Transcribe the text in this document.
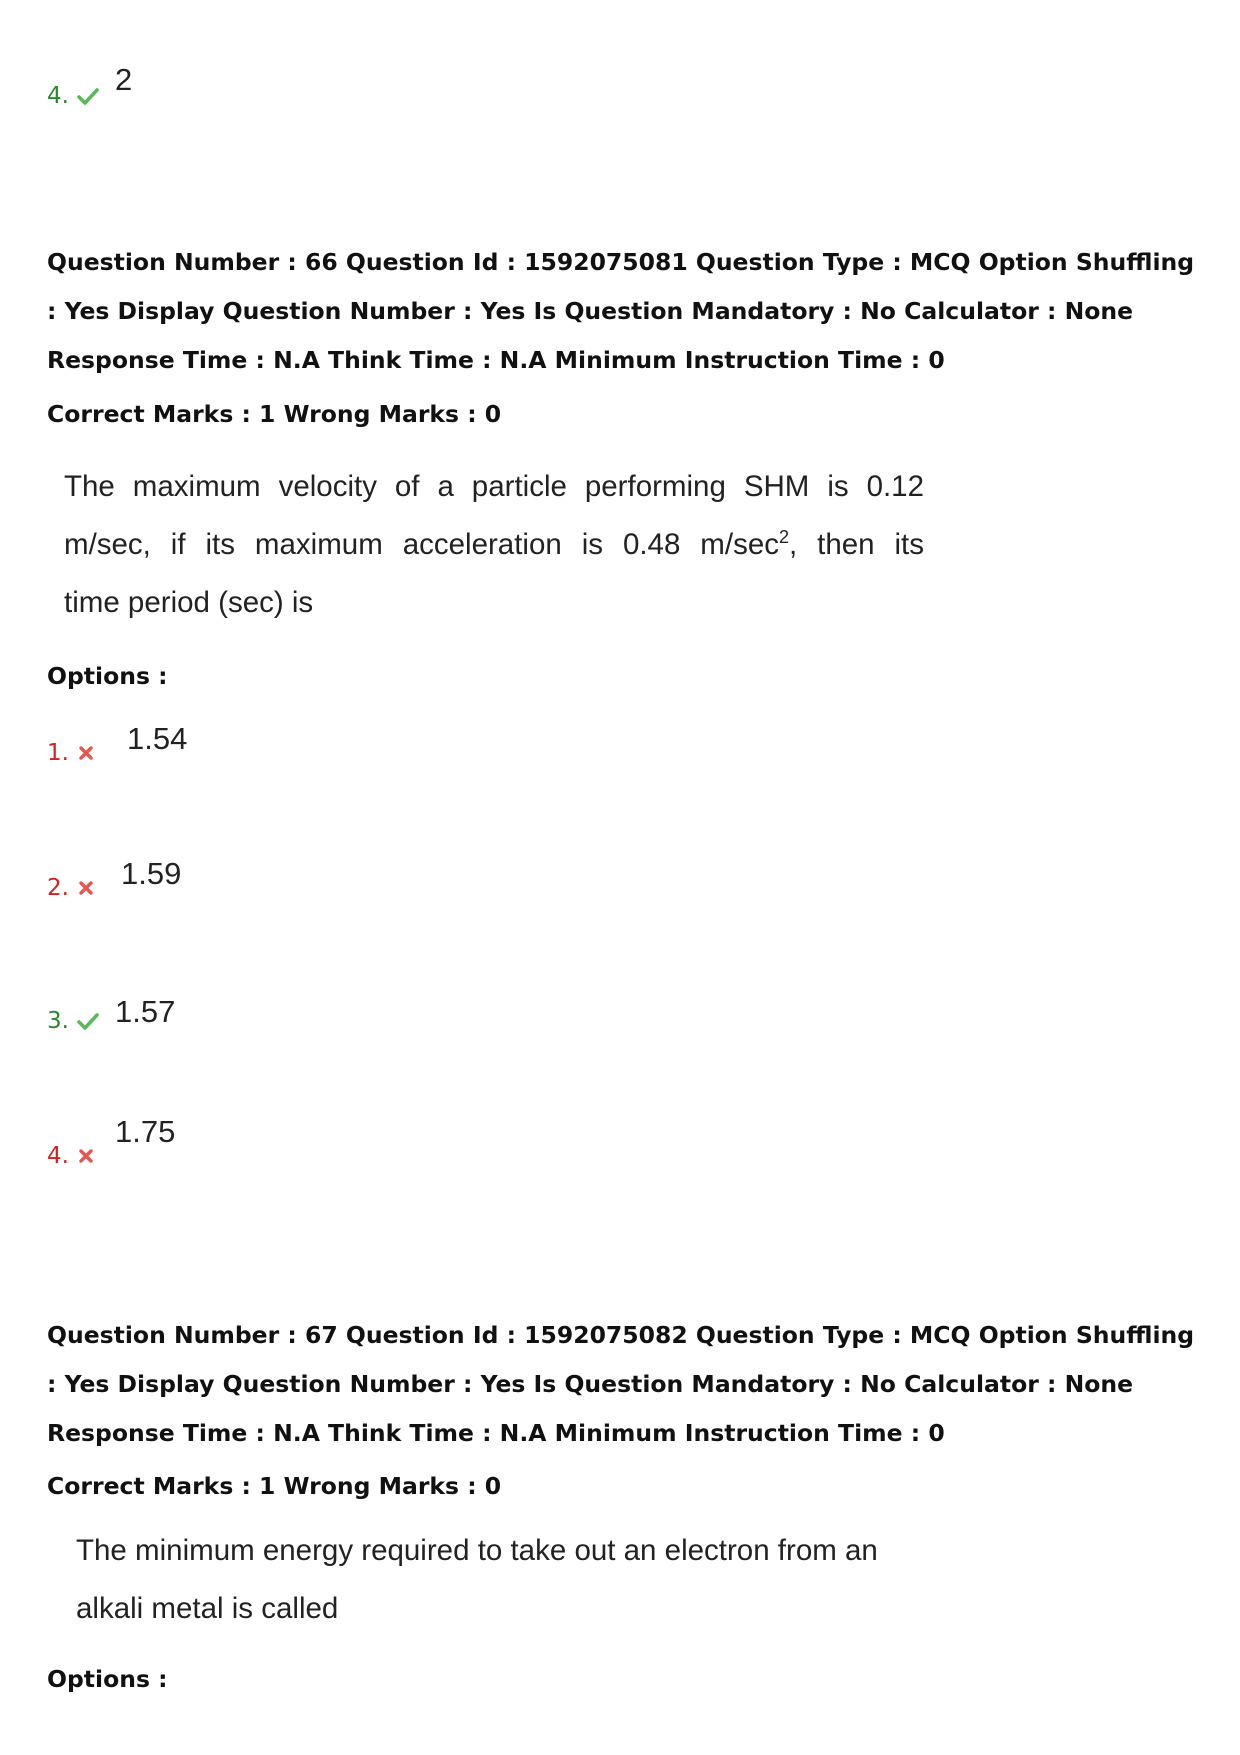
4. 2
Question Number : 66 Question Id : 1592075081 Question Type : MCQ Option Shuffling : Yes Display Question Number : Yes Is Question Mandatory : No Calculator : None Response Time : N.A Think Time : N.A Minimum Instruction Time : 0
Correct Marks : 1 Wrong Marks : 0
The maximum velocity of a particle performing SHM is 0.12
m/sec, if its maximum acceleration is 0.48 $m/\sec^2$, then its
time period (sec) is
Options :
1. 1.54
2. 1.59
3. 1.57
4.
1.75
Question Number : 67 Question Id : 1592075082 Question Type : MCQ Option Shuffling : Yes Display Question Number : Yes Is Question Mandatory : No Calculator : None Response Time : N.A Think Time : N.A Minimum Instruction Time : 0
Correct Marks : 1 Wrong Marks : 0
The minimum energy required to take out an electron from an
alkali metal is called
Options :
